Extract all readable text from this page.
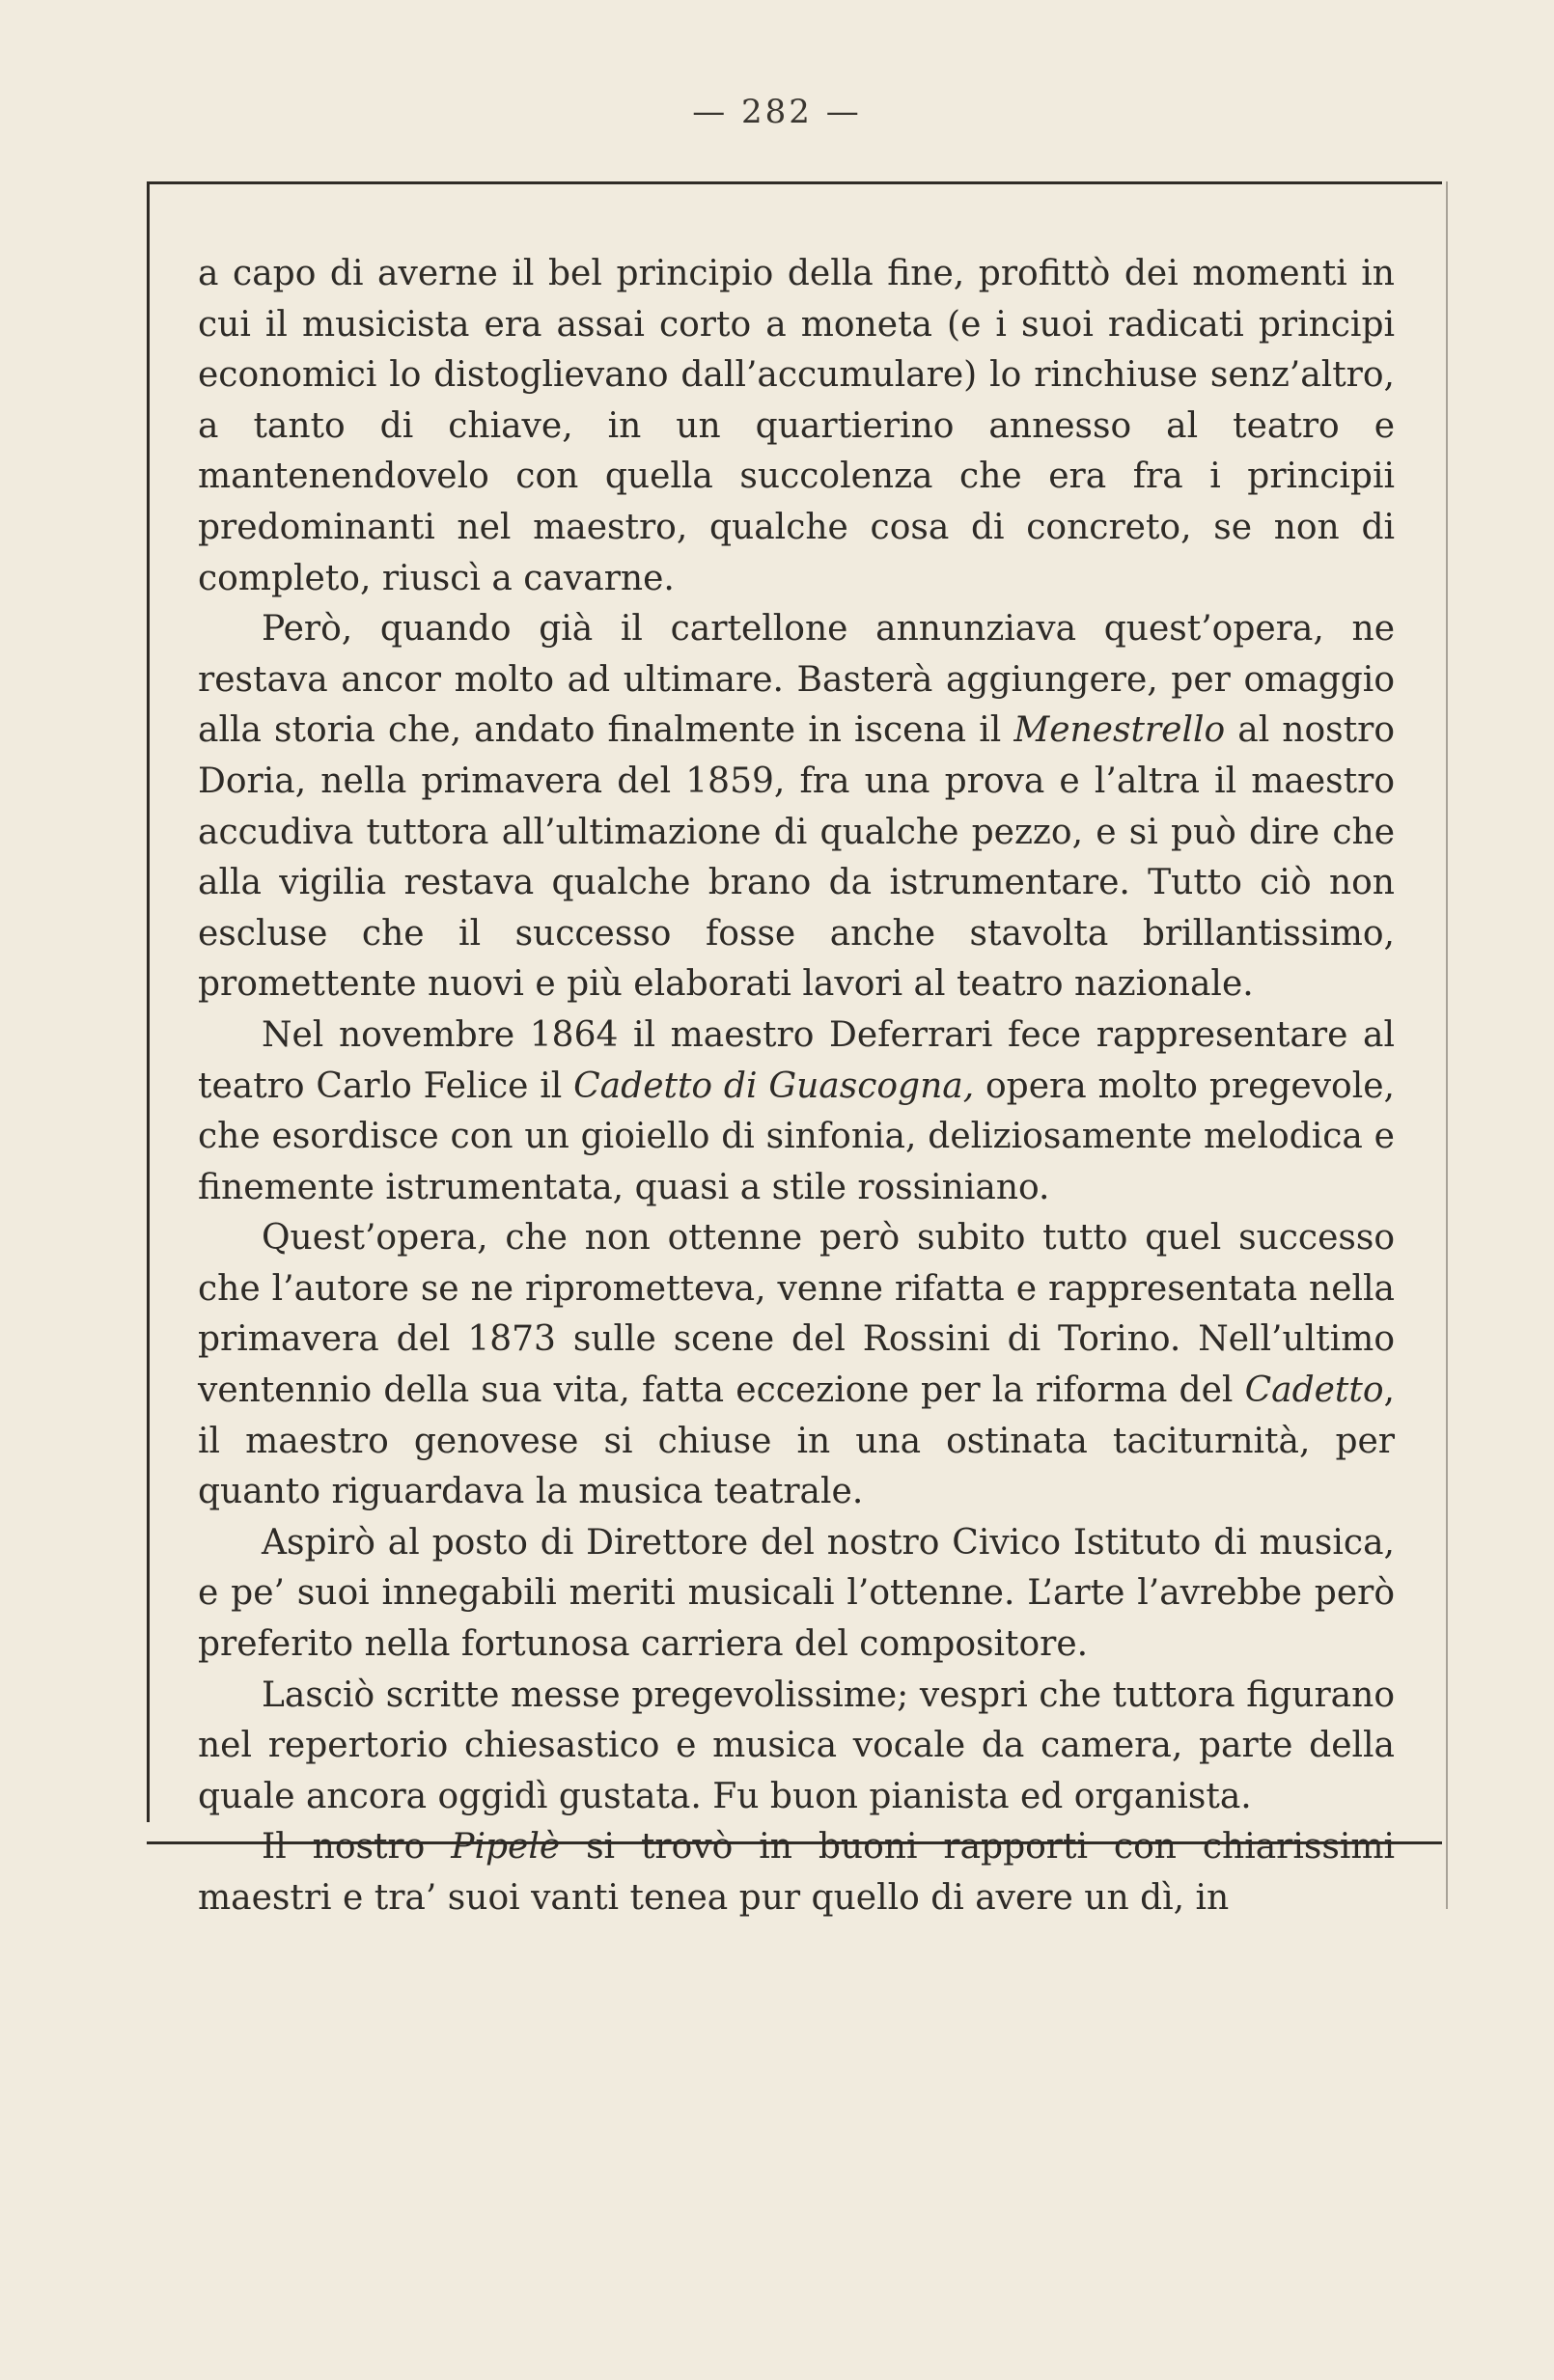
— 282 —

a capo di averne il bel principio della fine, profittò dei momenti in cui il musicista era assai corto a moneta (e i suoi radicati principi economici lo distoglievano dall’accumulare) lo rinchiuse senz’altro, a tanto di chiave, in un quartierino annesso al teatro e mantenendovelo con quella succolenza che era fra i principii predominanti nel maestro, qualche cosa di concreto, se non di completo, riuscì a cavarne.

Però, quando già il cartellone annunziava quest’opera, ne restava ancor molto ad ultimare. Basterà aggiungere, per omaggio alla storia che, andato finalmente in iscena il Menestrello al nostro Doria, nella primavera del 1859, fra una prova e l’altra il maestro accudiva tuttora all’ultimazione di qualche pezzo, e si può dire che alla vigilia restava qualche brano da istrumentare. Tutto ciò non escluse che il successo fosse anche stavolta brillantissimo, promettente nuovi e più elaborati lavori al teatro nazionale.

Nel novembre 1864 il maestro Deferrari fece rappresentare al teatro Carlo Felice il Cadetto di Guascogna, opera molto pregevole, che esordisce con un gioiello di sinfonia, deliziosamente melodica e finemente istrumentata, quasi a stile rossiniano.

Quest’opera, che non ottenne però subito tutto quel successo che l’autore se ne riprometteva, venne rifatta e rappresentata nella primavera del 1873 sulle scene del Rossini di Torino. Nell’ultimo ventennio della sua vita, fatta eccezione per la riforma del Cadetto, il maestro genovese si chiuse in una ostinata taciturnità, per quanto riguardava la musica teatrale.

Aspirò al posto di Direttore del nostro Civico Istituto di musica, e pe’ suoi innegabili meriti musicali l’ottenne. L’arte l’avrebbe però preferito nella fortunosa carriera del compositore.

Lasciò scritte messe pregevolissime; vespri che tuttora figurano nel repertorio chiesastico e musica vocale da camera, parte della quale ancora oggidì gustata. Fu buon pianista ed organista.

Il nostro Pipelè si trovò in buoni rapporti con chiarissimi maestri e tra’ suoi vanti tenea pur quello di avere un dì, in
